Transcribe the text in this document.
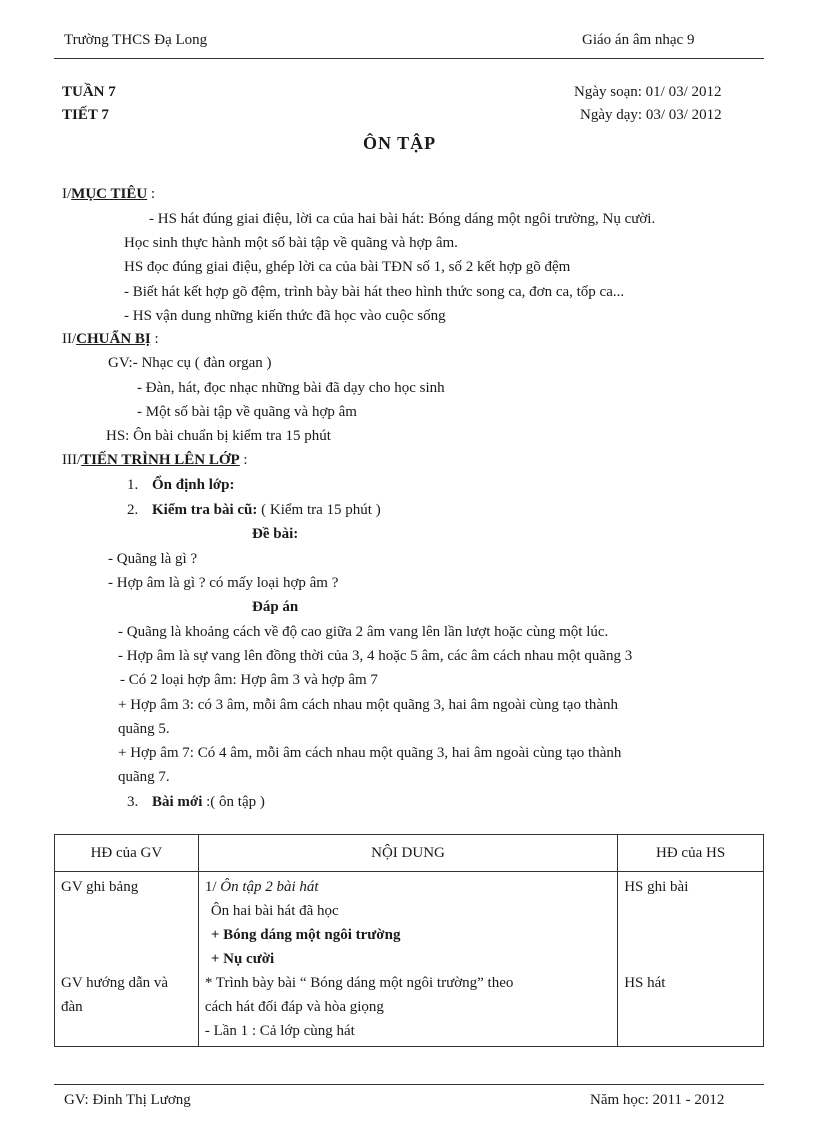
Trường THCS Đạ Long	Giáo án âm nhạc 9
TUẦN 7
TIẾT 7
Ngày soạn: 01/ 03/ 2012
Ngày dạy: 03/ 03/ 2012
ÔN TẬP
I/MỤC TIÊU :
- HS hát đúng giai điệu, lời ca của hai bài hát: Bóng dáng một ngôi trường, Nụ cười.
Học sinh thực hành một số bài tập về quãng và hợp âm.
HS đọc đúng giai điệu, ghép lời ca của bài TĐN số 1, số 2 kết hợp gõ đệm
- Biết hát kết hợp gõ đệm, trình bày bài hát theo hình thức song ca, đơn ca, tốp ca...
- HS vận dung những kiến thức đã học vào cuộc sống
II/CHUẨN BỊ :
GV:- Nhạc cụ ( đàn organ )
- Đàn, hát, đọc nhạc những bài đã dạy cho học sinh
- Một số bài tập về quãng và hợp âm
HS: Ôn bài chuẩn bị kiểm tra 15 phút
III/TIẾN TRÌNH LÊN LỚP :
1. Ổn định lớp:
2. Kiểm tra bài cũ: ( Kiểm tra 15 phút )
Đề bài:
- Quãng là gì ?
- Hợp âm là gì ? có mấy loại hợp âm ?
Đáp án
- Quãng là khoảng cách về độ cao giữa 2 âm vang lên lần lượt hoặc cùng một lúc.
- Hợp âm là sự vang lên đồng thời của 3, 4 hoặc 5 âm, các âm cách nhau một quãng 3
- Có 2 loại hợp âm: Hợp âm 3 và hợp âm 7
+ Hợp âm 3: có 3 âm, mỗi âm cách nhau một quãng 3, hai âm ngoài cùng tạo thành
quãng 5.
+ Hợp âm 7: Có 4 âm, mỗi âm cách nhau một quãng 3, hai âm ngoài cùng tạo thành
quãng 7.
3. Bài mới :( ôn tập )
HĐ của GV	NỘI DUNG	HĐ của HS

GV ghi bảng	1/ Ôn tập 2 bài hát
Ôn hai bài hát đã học
+ Bóng dáng một ngôi trường
+ Nụ cười	HS ghi bài

GV hướng dẫn và
đàn	* Trình bày bài “ Bóng dáng một ngôi trường” theo
cách hát đối đáp và hòa giọng
- Lần 1 : Cả lớp cùng hát	HS hát
GV: Đinh Thị Lương	Năm học: 2011 - 2012
